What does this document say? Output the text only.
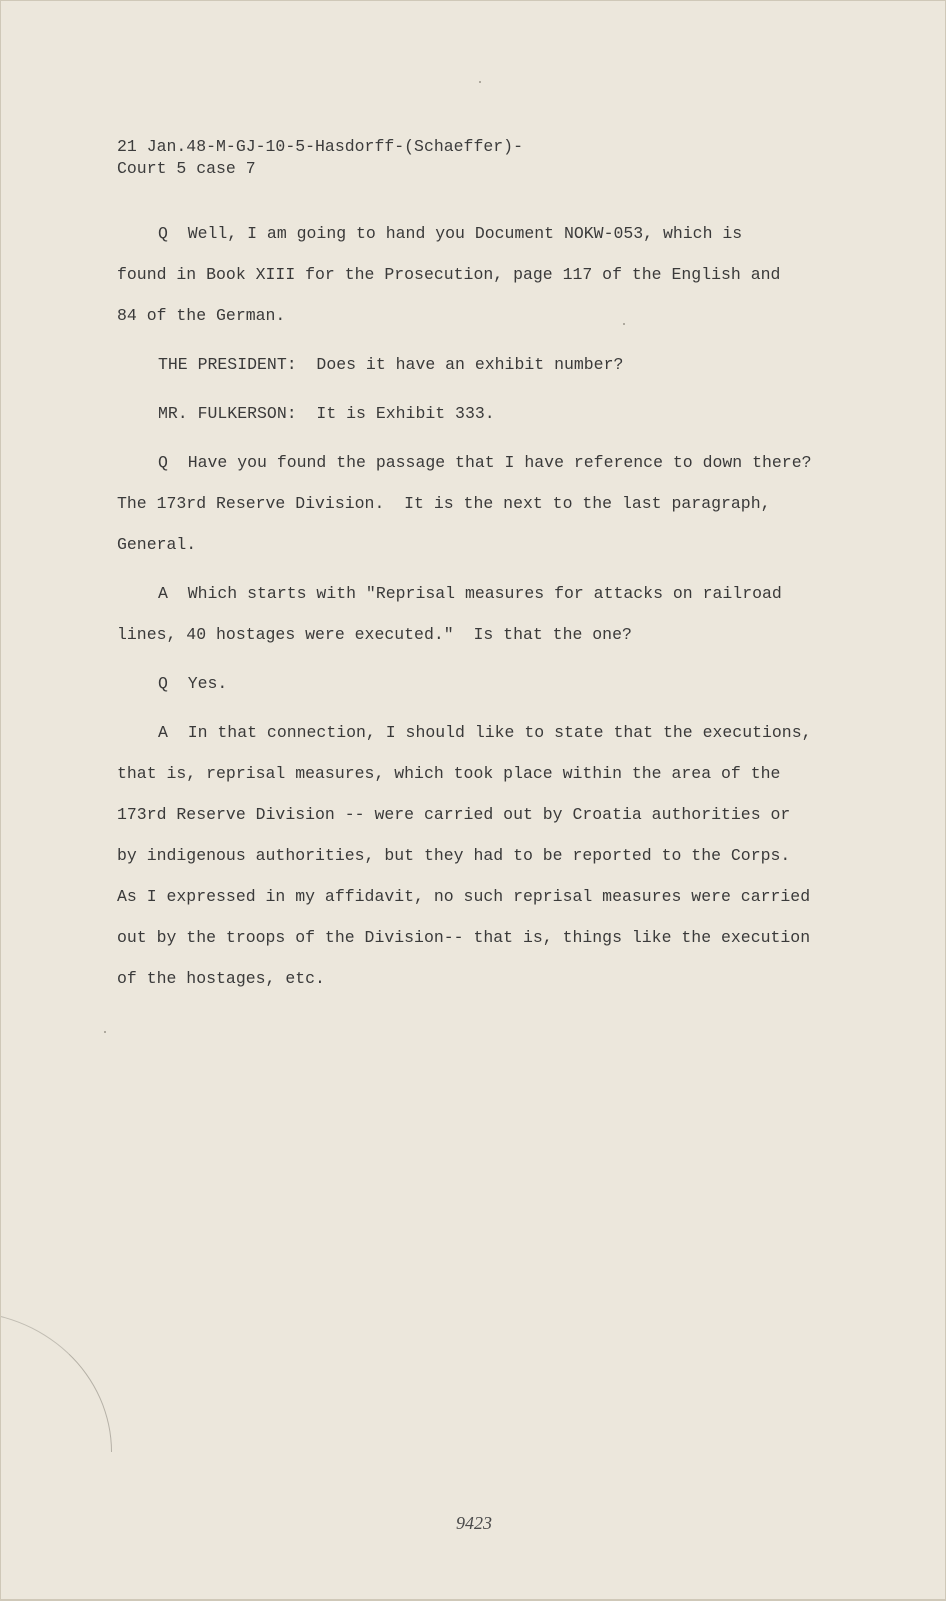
21 Jan.48-M-GJ-10-5-Hasdorff-(Schaeffer)-
Court 5 case 7
Q  Well, I am going to hand you Document NOKW-053, which is
found in Book XIII for the Prosecution, page 117 of the English and
84 of the German.
THE PRESIDENT:  Does it have an exhibit number?
MR. FULKERSON:  It is Exhibit 333.
Q  Have you found the passage that I have reference to down there?
The 173rd Reserve Division.  It is the next to the last paragraph,
General.
A  Which starts with "Reprisal measures for attacks on railroad
lines, 40 hostages were executed."  Is that the one?
Q  Yes.
A  In that connection, I should like to state that the executions,
that is, reprisal measures, which took place within the area of the
173rd Reserve Division -- were carried out by Croatia authorities or
by indigenous authorities, but they had to be reported to the Corps.
As I expressed in my affidavit, no such reprisal measures were carried
out by the troops of the Division-- that is, things like the execution
of the hostages, etc.
9423
